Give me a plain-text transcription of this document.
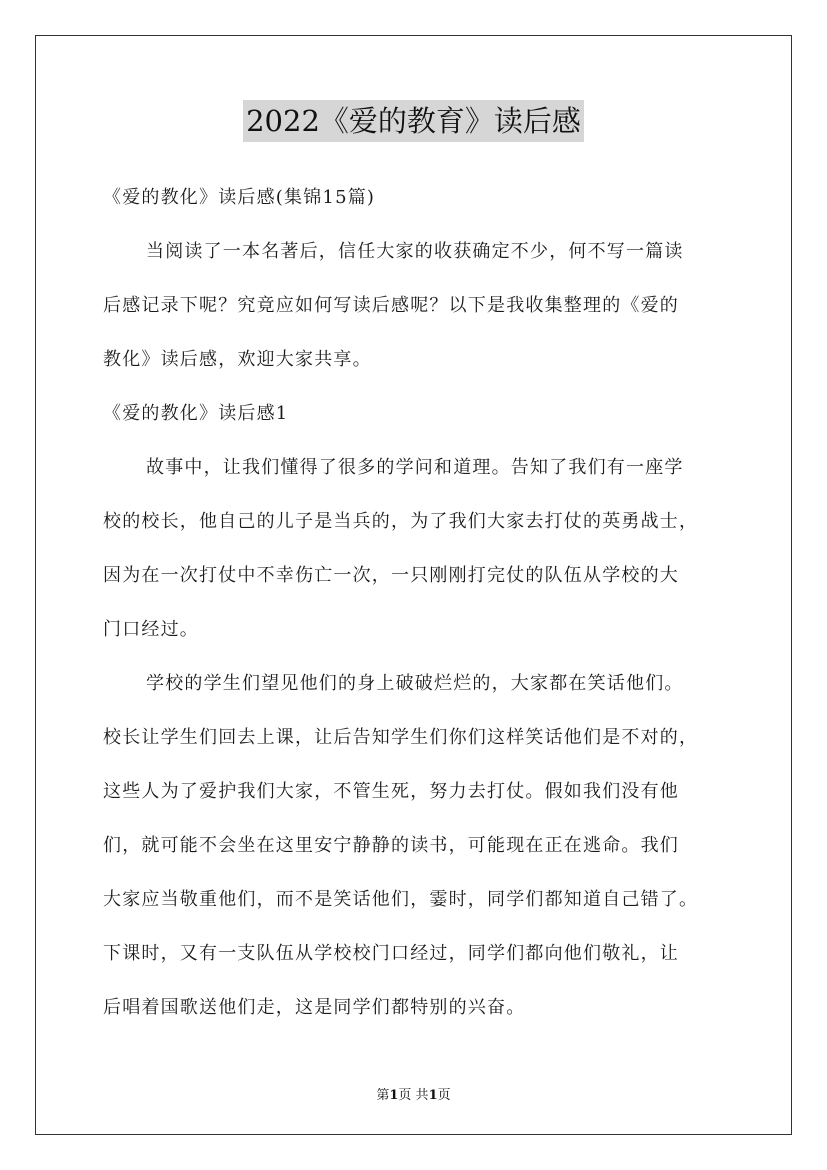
2022《爱的教育》读后感
《爱的教化》读后感(集锦15篇)
当阅读了一本名著后，信任大家的收获确定不少，何不写一篇读
后感记录下呢？究竟应如何写读后感呢？以下是我收集整理的《爱的
教化》读后感，欢迎大家共享。
《爱的教化》读后感1
故事中，让我们懂得了很多的学问和道理。告知了我们有一座学
校的校长，他自己的儿子是当兵的，为了我们大家去打仗的英勇战士，
因为在一次打仗中不幸伤亡一次，一只刚刚打完仗的队伍从学校的大
门口经过。
学校的学生们望见他们的身上破破烂烂的，大家都在笑话他们。
校长让学生们回去上课，让后告知学生们你们这样笑话他们是不对的，
这些人为了爱护我们大家，不管生死，努力去打仗。假如我们没有他
们，就可能不会坐在这里安宁静静的读书，可能现在正在逃命。我们
大家应当敬重他们，而不是笑话他们，霎时，同学们都知道自己错了。
下课时，又有一支队伍从学校校门口经过，同学们都向他们敬礼，让
后唱着国歌送他们走，这是同学们都特别的兴奋。
第1页 共1页
